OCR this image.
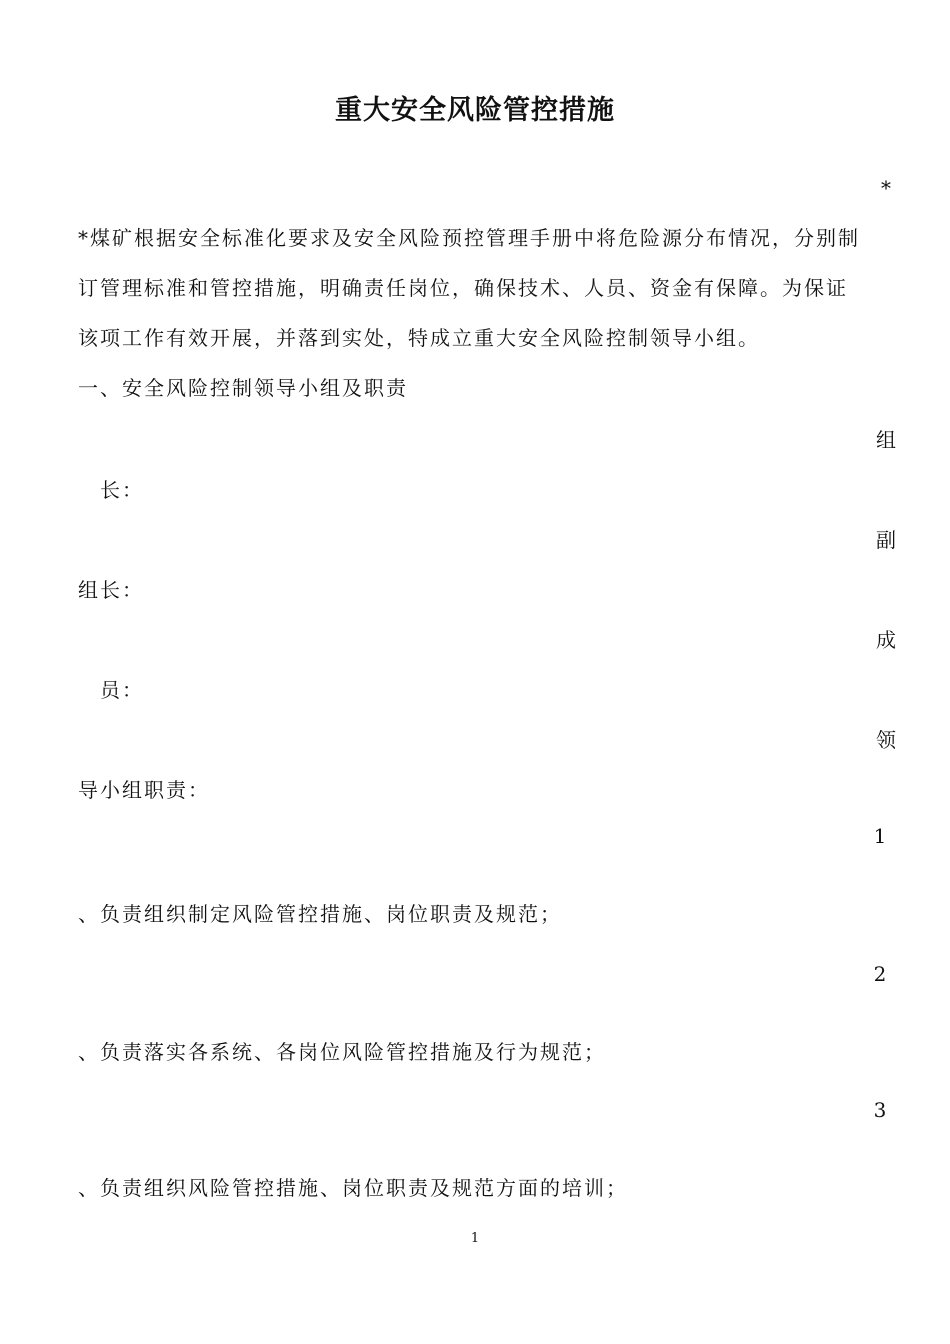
重大安全风险管控措施
*
*煤矿根据安全标准化要求及安全风险预控管理手册中将危险源分布情况，分别制
订管理标准和管控措施，明确责任岗位，确保技术、人员、资金有保障。为保证
该项工作有效开展，并落到实处，特成立重大安全风险控制领导小组。
一、安全风险控制领导小组及职责
组
长：
副
组长：
成
员：
领
导小组职责：
1
、负责组织制定风险管控措施、岗位职责及规范；
2
、负责落实各系统、各岗位风险管控措施及行为规范；
3
、负责组织风险管控措施、岗位职责及规范方面的培训；
1
